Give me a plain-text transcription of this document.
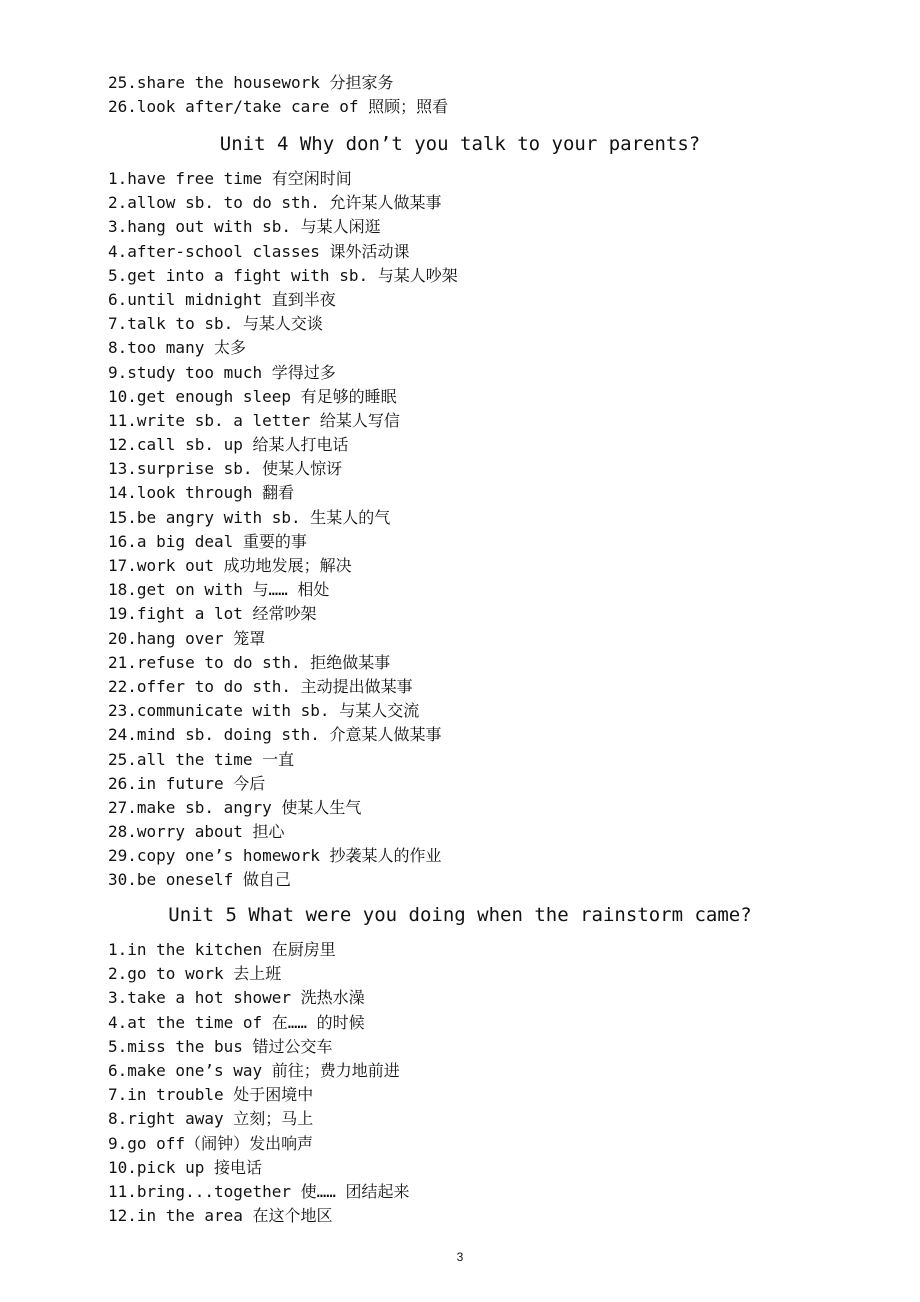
25.share the housework 分担家务
26.look after/take care of 照顾；照看
Unit 4 Why don’t you talk to your parents?
1.have free time 有空闲时间
2.allow sb. to do sth. 允许某人做某事
3.hang out with sb. 与某人闲逛
4.after-school classes 课外活动课
5.get into a fight with sb. 与某人吵架
6.until midnight 直到半夜
7.talk to sb. 与某人交谈
8.too many 太多
9.study too much 学得过多
10.get enough sleep 有足够的睡眠
11.write sb. a letter 给某人写信
12.call sb. up 给某人打电话
13.surprise sb. 使某人惊讶
14.look through 翻看
15.be angry with sb. 生某人的气
16.a big deal 重要的事
17.work out 成功地发展；解决
18.get on with 与…… 相处
19.fight a lot 经常吵架
20.hang over 笼罩
21.refuse to do sth. 拒绝做某事
22.offer to do sth. 主动提出做某事
23.communicate with sb. 与某人交流
24.mind sb. doing sth. 介意某人做某事
25.all the time 一直
26.in future 今后
27.make sb. angry 使某人生气
28.worry about 担心
29.copy one’s homework 抄袭某人的作业
30.be oneself 做自己
Unit 5 What were you doing when the rainstorm came?
1.in the kitchen 在厨房里
2.go to work 去上班
3.take a hot shower 洗热水澡
4.at the time of 在…… 的时候
5.miss the bus 错过公交车
6.make one’s way 前往；费力地前进
7.in trouble 处于困境中
8.right away 立刻；马上
9.go off（闹钟）发出响声
10.pick up 接电话
11.bring...together 使…… 团结起来
12.in the area 在这个地区
3
